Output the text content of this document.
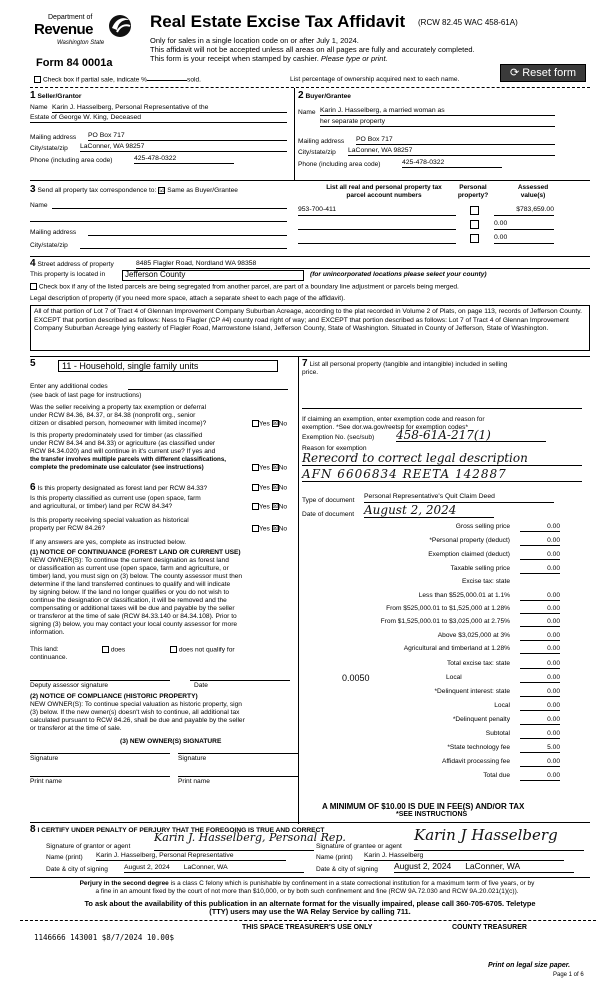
Department of
Revenue
Washington State
Form 84 0001a
Real Estate Excise Tax Affidavit (RCW 82.45 WAC 458-61A)
Only for sales in a single location code on or after July 1, 2024.
This affidavit will not be accepted unless all areas on all pages are fully and accurately completed.
This form is your receipt when stamped by cashier. Please type or print.
⟳ Reset form
Check box if partial sale, indicate %	sold.	List percentage of ownership acquired next to each name.
1 Seller/Grantor
Name Karin J. Hasselberg, Personal Representative of the
Estate of George W. King, Deceased
Mailing address PO Box 717
City/state/zip LaConner, WA 98257
Phone (including area code)	425-478-0322
2 Buyer/Grantee
Name Karin J. Hasselberg, a married woman as
her separate property
Mailing address PO Box 717
City/state/zip LaConner, WA 98257
Phone (including area code)	425-478-0322
3 Send all property tax correspondence to: ☑ Same as Buyer/Grantee
Name
Mailing address
City/state/zip
List all real and personal property tax
parcel account numbers
Personal
property?
Assessed
value(s)
953-700-411	$783,659.00
0.00
0.00
4 Street address of property	8485 Flagler Road, Nordland WA 98358
This property is located in	Jefferson County	(for unincorporated locations please select your county)
Check box if any of the listed parcels are being segregated from another parcel, are part of a boundary line adjustment or parcels being merged.
Legal description of property (if you need more space, attach a separate sheet to each page of the affidavit).
All of that portion of Lot 7 of Tract 4 of Glennan Improvement Company Suburban Acreage, according to the plat recorded in Volume 2 of Plats, on page 113, records of Jefferson County. EXCEPT that portion described as follows: Ness to Flagler (CP #4) county road right of way; and EXCEPT that portion described as follows: Lot 7 of Tract 4 of Glennan Improvement Company Suburban Acreage lying easterly of Flagler Road, Marrowstone Island, Jefferson County, State of Washington. Situated in County of Jefferson, State of Washington.
5	11 - Household, single family units
Enter any additional codes
(see back of last page for instructions)
Was the seller receiving a property tax exemption or deferral
under RCW 84.36, 84.37, or 84.38 (nonprofit org., senior
citizen or disabled person, homeowner with limited income)?	Yes ☒No
Is this property predominately used for timber (as classified
under RCW 84.34 and 84.33) or agriculture (as classified under
RCW 84.34.020) and will continue in it's current use? If yes and
the transfer involves multiple parcels with different classifications,
complete the predominate use calculator (see instructions)	Yes ☒No
6 Is this property designated as forest land per RCW 84.33?	Yes ☒No
Is this property classified as current use (open space, farm
and agricultural, or timber) land per RCW 84.34?	Yes ☒No
Is this property receiving special valuation as historical
property per RCW 84.26?	Yes ☒No
If any answers are yes, complete as instructed below.
(1) NOTICE OF CONTINUANCE (FOREST LAND OR CURRENT USE)
NEW OWNER(S): To continue the current designation as forest land
or classification as current use (open space, farm and agriculture, or
timber) land, you must sign on (3) below. The county assessor must then
determine if the land transferred continues to qualify and will indicate
by signing below. If the land no longer qualifies or you do not wish to
continue the designation or classification, it will be removed and the
compensating or additional taxes will be due and payable by the seller
or transferor at the time of sale (RCW 84.33.140 or 84.34.108). Prior to
signing (3) below, you may contact your local county assessor for more
information.
This land:	does	does not qualify for
continuance.
Deputy assessor signature	Date
(2) NOTICE OF COMPLIANCE (HISTORIC PROPERTY)
NEW OWNER(S): To continue special valuation as historic property, sign
(3) below. If the new owner(s) doesn't wish to continue, all additional tax
calculated pursuant to RCW 84.26, shall be due and payable by the seller
or transferor at the time of sale.
(3) NEW OWNER(S) SIGNATURE
Signature	Signature
Print name	Print name
7 List all personal property (tangible and intangible) included in selling
price.
If claiming an exemption, enter exemption code and reason for
exemption. *See dor.wa.gov/reetsp for exemption codes*
Exemption No. (sec/sub) 458-61A-217(1)
Reason for exemption
Rerecord to correct legal description
AFN 6606834 REETA 142887
Type of document
Personal Representative's Quit Claim Deed
Date of document August 2, 2024
Gross selling price	0.00
*Personal property (deduct)	0.00
Exemption claimed (deduct)	0.00
Taxable selling price	0.00
Excise tax: state
Less than $525,000.01 at 1.1%	0.00
From $525,000.01 to $1,525,000 at 1.28%	0.00
From $1,525,000.01 to $3,025,000 at 2.75%	0.00
Above $3,025,000 at 3%	0.00
Agricultural and timberland at 1.28%	0.00
Total excise tax: state	0.00
0.0050	Local	0.00
*Delinquent interest: state	0.00
Local	0.00
*Delinquent penalty	0.00
Subtotal	0.00
*State technology fee	5.00
Affidavit processing fee	0.00
Total due	0.00
A MINIMUM OF $10.00 IS DUE IN FEE(S) AND/OR TAX
*SEE INSTRUCTIONS
8 I CERTIFY UNDER PENALTY OF PERJURY THAT THE FOREGOING IS TRUE AND CORRECT
Signature of grantor or agent
Karin J. Hasselberg, Personal Rep.
Name (print) Karin J. Hasselberg, Personal Representative
Date & city of signing August 2, 2024 LaConner, WA
Signature of grantee or agent
Karin J Hasselberg
Name (print) Karin J. Hasselberg
Date & city of signing August 2, 2024 LaConner, WA
Perjury in the second degree is a class C felony which is punishable by confinement in a state correctional institution for a maximum term of five years, or by
a fine in an amount fixed by the court of not more than $10,000, or by both such confinement and fine (RCW 9A.72.030 and RCW 9A.20.021(1)(c)).
To ask about the availability of this publication in an alternate format for the visually impaired, please call 360-705-6705. Teletype
(TTY) users may use the WA Relay Service by calling 711.
1146666 143001 $8/7/2024 10.00$
THIS SPACE TREASURER'S USE ONLY	COUNTY TREASURER
Print on legal size paper.
Page 1 of 6
